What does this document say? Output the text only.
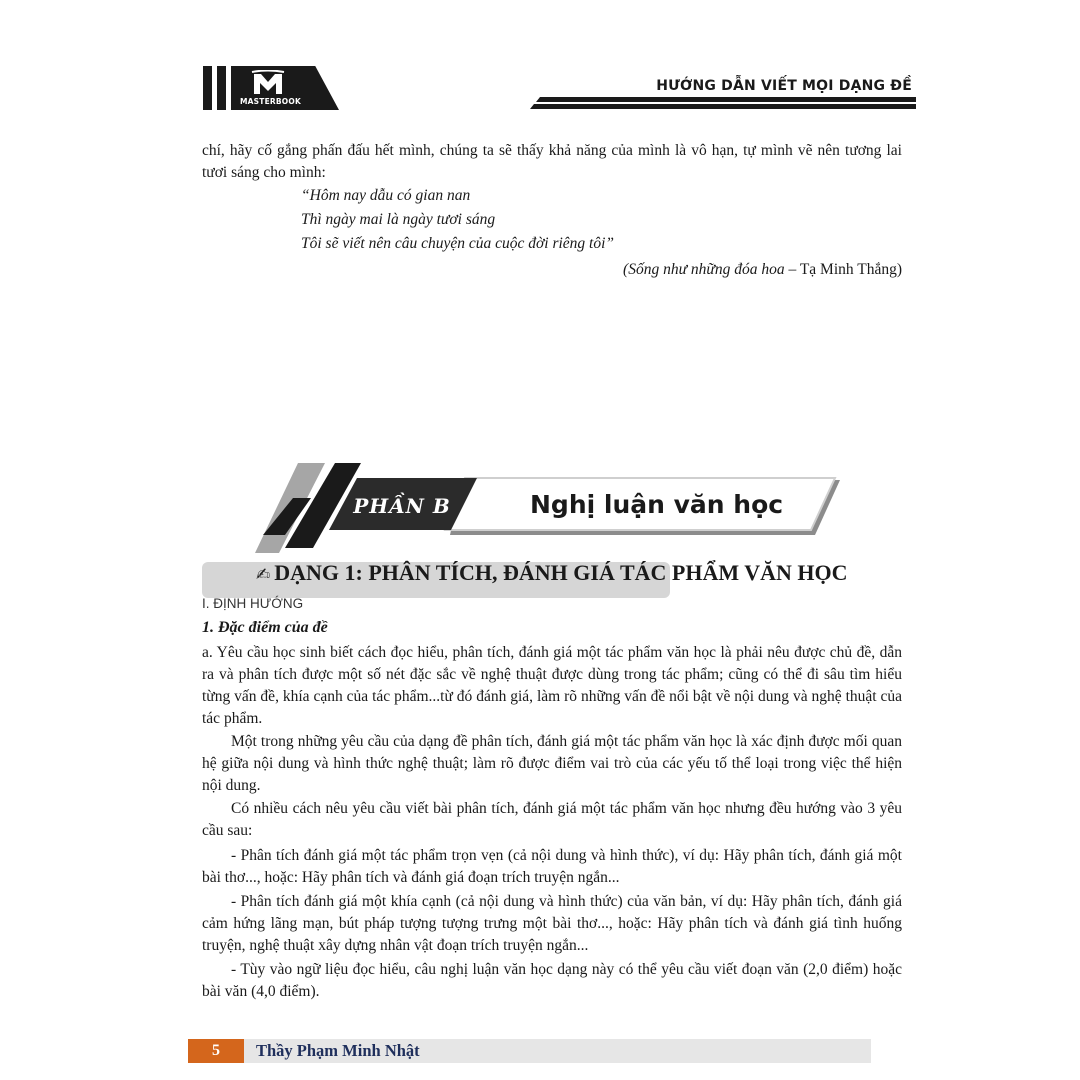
MASTERBOOK
HƯỚNG DẪN VIẾT MỌI DẠNG ĐỀ
chí, hãy cố gắng phấn đấu hết mình, chúng ta sẽ thấy khả năng của mình là vô hạn, tự mình vẽ nên tương lai tươi sáng cho mình:
“Hôm nay dẫu có gian nan
Thì ngày mai là ngày tươi sáng
Tôi sẽ viết nên câu chuyện của cuộc đời riêng tôi”
(Sống như những đóa hoa – Tạ Minh Thắng)
PHẦN B	Nghị luận văn học
✍ DẠNG 1: PHÂN TÍCH, ĐÁNH GIÁ TÁC PHẨM VĂN HỌC
I. ĐỊNH HƯỚNG
1. Đặc điểm của đề
a. Yêu cầu học sinh biết cách đọc hiểu, phân tích, đánh giá một tác phẩm văn học là phải nêu được chủ đề, dẫn ra và phân tích được một số nét đặc sắc về nghệ thuật được dùng trong tác phẩm; cũng có thể đi sâu tìm hiểu từng vấn đề, khía cạnh của tác phẩm...từ đó đánh giá, làm rõ những vấn đề nổi bật về nội dung và nghệ thuật của tác phẩm.
Một trong những yêu cầu của dạng đề phân tích, đánh giá một tác phẩm văn học là xác định được mối quan hệ giữa nội dung và hình thức nghệ thuật; làm rõ được điểm vai trò của các yếu tố thể loại trong việc thể hiện nội dung.
Có nhiều cách nêu yêu cầu viết bài phân tích, đánh giá một tác phẩm văn học nhưng đều hướng vào 3 yêu cầu sau:
- Phân tích đánh giá một tác phẩm trọn vẹn (cả nội dung và hình thức), ví dụ: Hãy phân tích, đánh giá một bài thơ..., hoặc: Hãy phân tích và đánh giá đoạn trích truyện ngắn...
- Phân tích đánh giá một khía cạnh (cả nội dung và hình thức) của văn bản, ví dụ: Hãy phân tích, đánh giá cảm hứng lãng mạn, bút pháp tượng tượng trưng một bài thơ..., hoặc: Hãy phân tích và đánh giá tình huống truyện, nghệ thuật xây dựng nhân vật đoạn trích truyện ngắn...
- Tùy vào ngữ liệu đọc hiểu, câu nghị luận văn học dạng này có thể yêu cầu viết đoạn văn (2,0 điểm) hoặc bài văn (4,0 điểm).
5	Thầy Phạm Minh Nhật
